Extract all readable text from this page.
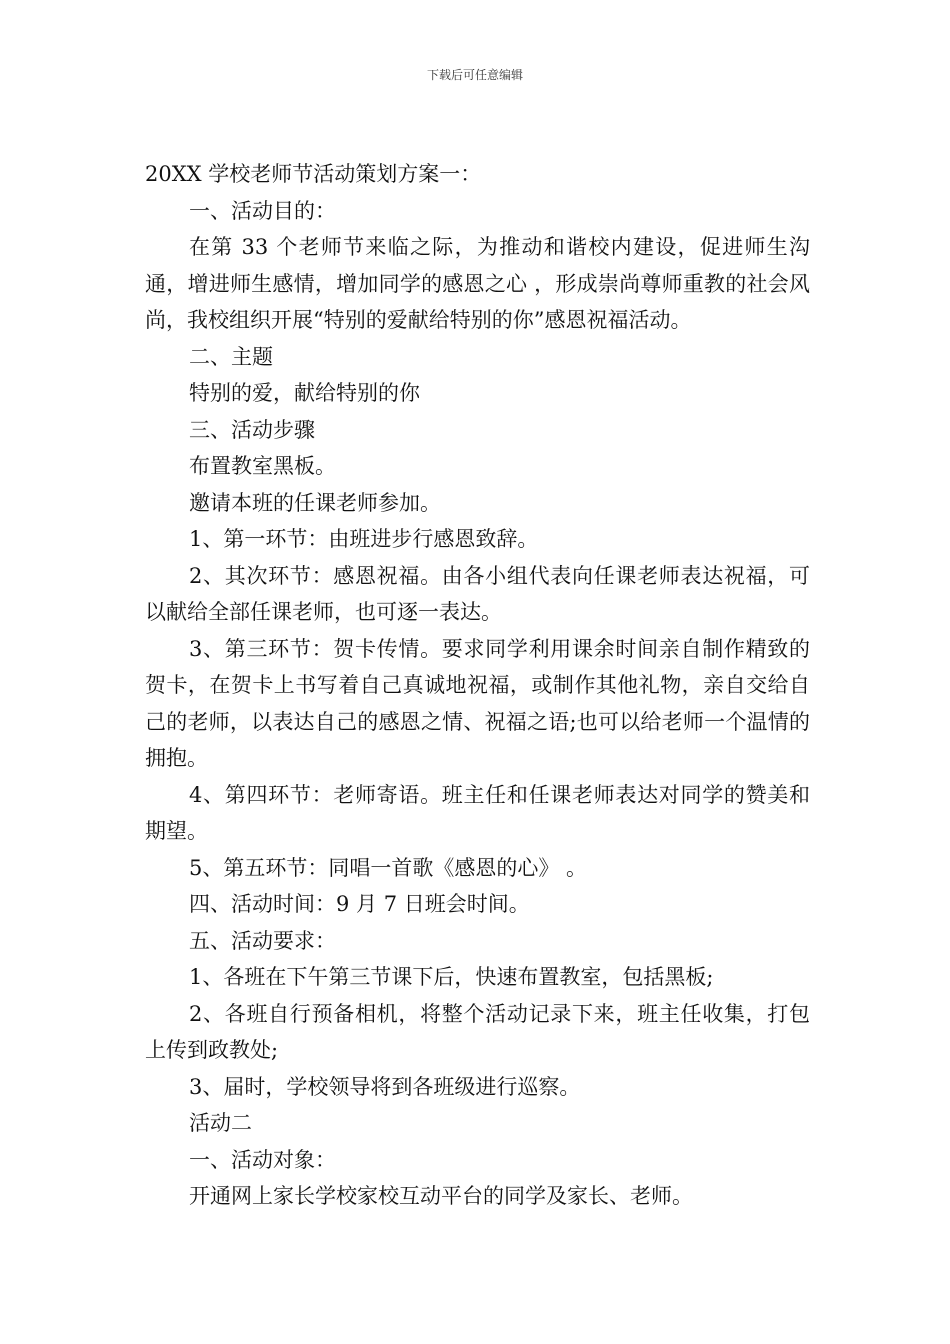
下载后可任意编辑

20XX 学校老师节活动策划方案一：

一、活动目的：

在第 33 个老师节来临之际，为推动和谐校内建设，促进师生沟通，增进师生感情，增加同学的感恩之心 ，形成崇尚尊师重教的社会风尚，我校组织开展“特别的爱献给特别的你”感恩祝福活动。

二、主题

特别的爱，献给特别的你

三、活动步骤

布置教室黑板。

邀请本班的任课老师参加。

1、第一环节：由班进步行感恩致辞。

2、其次环节：感恩祝福。由各小组代表向任课老师表达祝福，可以献给全部任课老师，也可逐一表达。

3、第三环节：贺卡传情。要求同学利用课余时间亲自制作精致的贺卡，在贺卡上书写着自己真诚地祝福，或制作其他礼物，亲自交给自己的老师，以表达自己的感恩之情、祝福之语;也可以给老师一个温情的拥抱。

4、第四环节：老师寄语。班主任和任课老师表达对同学的赞美和期望。

5、第五环节：同唱一首歌《感恩的心》 。

四、活动时间：9 月 7 日班会时间。

五、活动要求：

1、各班在下午第三节课下后，快速布置教室，包括黑板;

2、各班自行预备相机，将整个活动记录下来，班主任收集，打包上传到政教处;

3、届时，学校领导将到各班级进行巡察。

活动二

一、活动对象：

开通网上家长学校家校互动平台的同学及家长、老师。
